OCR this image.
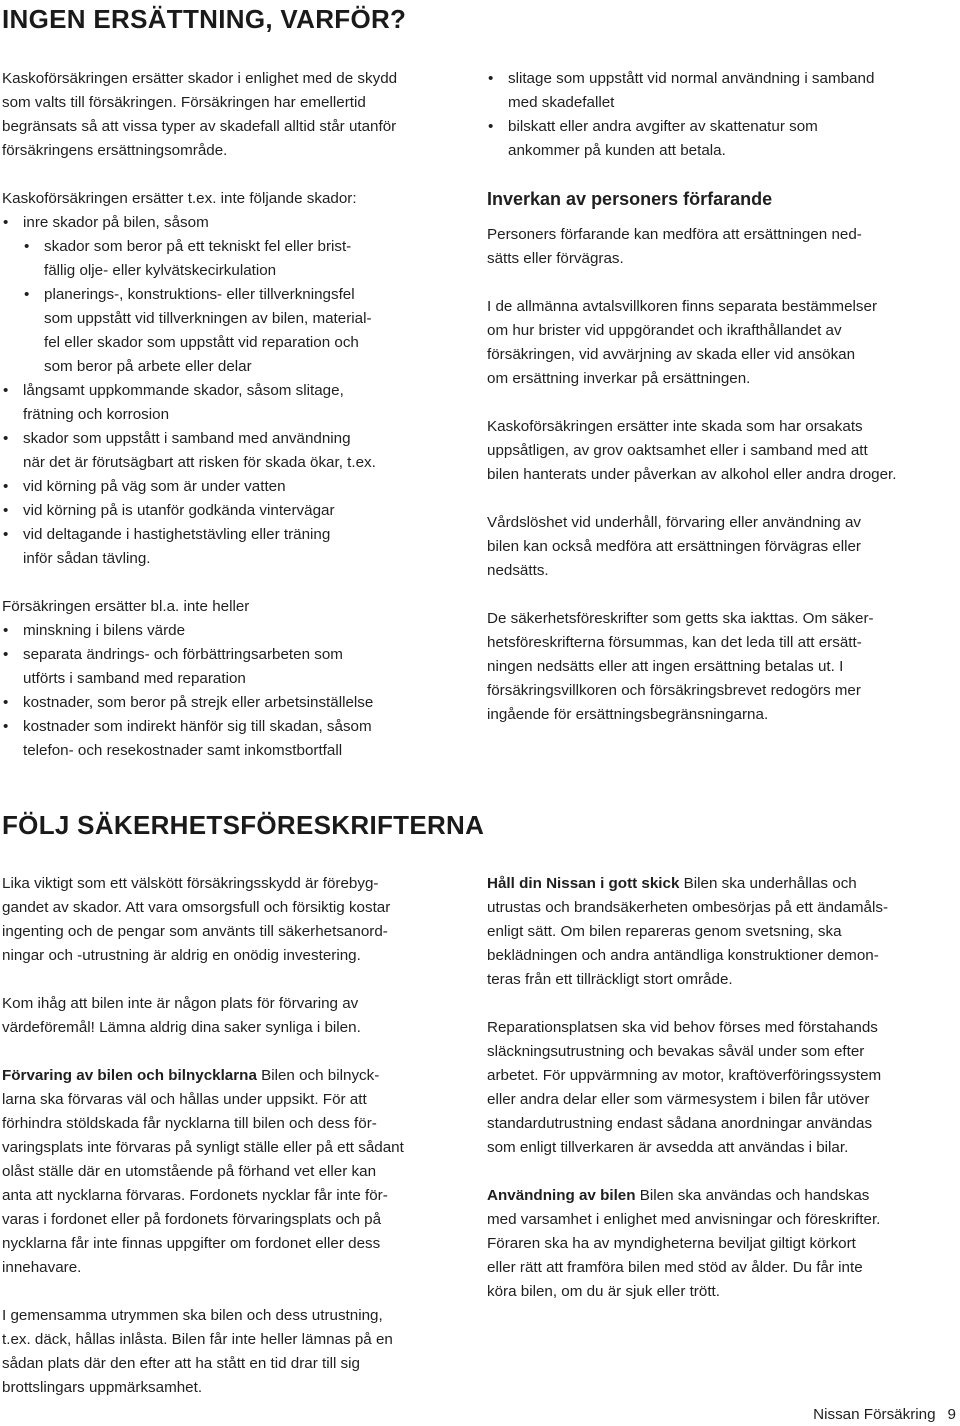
INGEN ERSÄTTNING, VARFÖR?

Kaskoförsäkringen ersätter skador i enlighet med de skydd
som valts till försäkringen. Försäkringen har emellertid
begränsats så att vissa typer av skadefall alltid står utanför
försäkringens ersättningsområde.

Kaskoförsäkringen ersätter t.ex. inte följande skador:

• inre skador på bilen, såsom

• skador som beror på ett tekniskt fel eller brist-

fällig olje- eller kylvätskecirkulation

• planerings-, konstruktions- eller tillverkningsfel

som uppstått vid tillverkningen av bilen, material-

fel eller skador som uppstått vid reparation och

som beror på arbete eller delar

• långsamt uppkommande skador, såsom slitage,

frätning och korrosion

• skador som uppstått i samband med användning

när det är förutsägbart att risken för skada ökar, t.ex.

• vid körning på väg som är under vatten

• vid körning på is utanför godkända vintervägar

• vid deltagande i hastighetstävling eller träning

inför sådan tävling.

Försäkringen ersätter bl.a. inte heller

• minskning i bilens värde

• separata ändrings- och förbättringsarbeten som

utförts i samband med reparation

• kostnader, som beror på strejk eller arbetsinställelse

• kostnader som indirekt hänför sig till skadan, såsom

telefon- och resekostnader samt inkomstbortfall

• slitage som uppstått vid normal användning i samband

med skadefallet

• bilskatt eller andra avgifter av skattenatur som

ankommer på kunden att betala.

Inverkan av personers förfarande

Personers förfarande kan medföra att ersättningen ned-
sätts eller förvägras.

I de allmänna avtalsvillkoren finns separata bestämmelser
om hur brister vid uppgörandet och ikrafthållandet av
försäkringen, vid avvärjning av skada eller vid ansökan
om ersättning inverkar på ersättningen.

Kaskoförsäkringen ersätter inte skada som har orsakats
uppsåtligen, av grov oaktsamhet eller i samband med att
bilen hanterats under påverkan av alkohol eller andra droger.

Vårdslöshet vid underhåll, förvaring eller användning av
bilen kan också medföra att ersättningen förvägras eller
nedsätts.

De säkerhetsföreskrifter som getts ska iakttas. Om säker-
hetsföreskrifterna försummas, kan det leda till att ersätt-
ningen nedsätts eller att ingen ersättning betalas ut. I
försäkringsvillkoren och försäkringsbrevet redogörs mer
ingående för ersättningsbegränsningarna.

FÖLJ SÄKERHETSFÖRESKRIFTERNA

Lika viktigt som ett välskött försäkringsskydd är förebyg-
gandet av skador. Att vara omsorgsfull och försiktig kostar
ingenting och de pengar som använts till säkerhetsanord-
ningar och -utrustning är aldrig en onödig investering.

Kom ihåg att bilen inte är någon plats för förvaring av
värdeföremål! Lämna aldrig dina saker synliga i bilen.

Förvaring av bilen och bilnycklarna Bilen och bilnyck-
larna ska förvaras väl och hållas under uppsikt. För att
förhindra stöldskada får nycklarna till bilen och dess för-
varingsplats inte förvaras på synligt ställe eller på ett sådant
olåst ställe där en utomstående på förhand vet eller kan
anta att nycklarna förvaras. Fordonets nycklar får inte för-
varas i fordonet eller på fordonets förvaringsplats och på
nycklarna får inte finnas uppgifter om fordonet eller dess
innehavare.

I gemensamma utrymmen ska bilen och dess utrustning,
t.ex. däck, hållas inlåsta. Bilen får inte heller lämnas på en
sådan plats där den efter att ha stått en tid drar till sig
brottslingars uppmärksamhet.

Håll din Nissan i gott skick Bilen ska underhållas och
utrustas och brandsäkerheten ombesörjas på ett ändamåls-
enligt sätt. Om bilen repareras genom svetsning, ska
beklädningen och andra antändliga konstruktioner demon-
teras från ett tillräckligt stort område.

Reparationsplatsen ska vid behov förses med förstahands
släckningsutrustning och bevakas såväl under som efter
arbetet. För uppvärmning av motor, kraftöverföringssystem
eller andra delar eller som värmesystem i bilen får utöver
standardutrustning endast sådana anordningar användas
som enligt tillverkaren är avsedda att användas i bilar.

Användning av bilen Bilen ska användas och handskas
med varsamhet i enlighet med anvisningar och föreskrifter.
Föraren ska ha av myndigheterna beviljat giltigt körkort
eller rätt att framföra bilen med stöd av ålder. Du får inte
köra bilen, om du är sjuk eller trött.

Nissan Försäkring 9
